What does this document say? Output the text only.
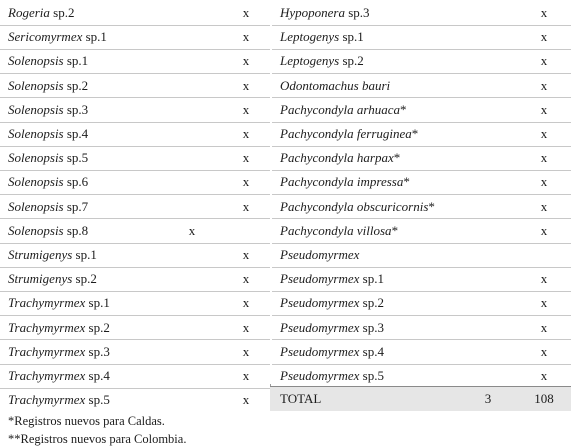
Rogeria sp.2	x
Sericomyrmex sp.1	x
Solenopsis sp.1	x
Solenopsis sp.2	x
Solenopsis sp.3	x
Solenopsis sp.4	x
Solenopsis sp.5	x
Solenopsis sp.6	x
Solenopsis sp.7	x
Solenopsis sp.8	x
Strumigenys sp.1	x
Strumigenys sp.2	x
Trachymyrmex sp.1	x
Trachymyrmex sp.2	x
Trachymyrmex sp.3	x
Trachymyrmex sp.4	x
Trachymyrmex sp.5	x
Hypoponera sp.3	x
Leptogenys sp.1	x
Leptogenys sp.2	x
Odontomachus bauri	x
Pachycondyla arhuaca*	x
Pachycondyla ferruginea*	x
Pachycondyla harpax*	x
Pachycondyla impressa*	x
Pachycondyla obscuricornis*	x
Pachycondyla villosa*	x
Pseudomyrmex
Pseudomyrmex sp.1	x
Pseudomyrmex sp.2	x
Pseudomyrmex sp.3	x
Pseudomyrmex sp.4	x
Pseudomyrmex sp.5	x
TOTAL	3	108
*Registros nuevos para Caldas.
**Registros nuevos para Colombia.
